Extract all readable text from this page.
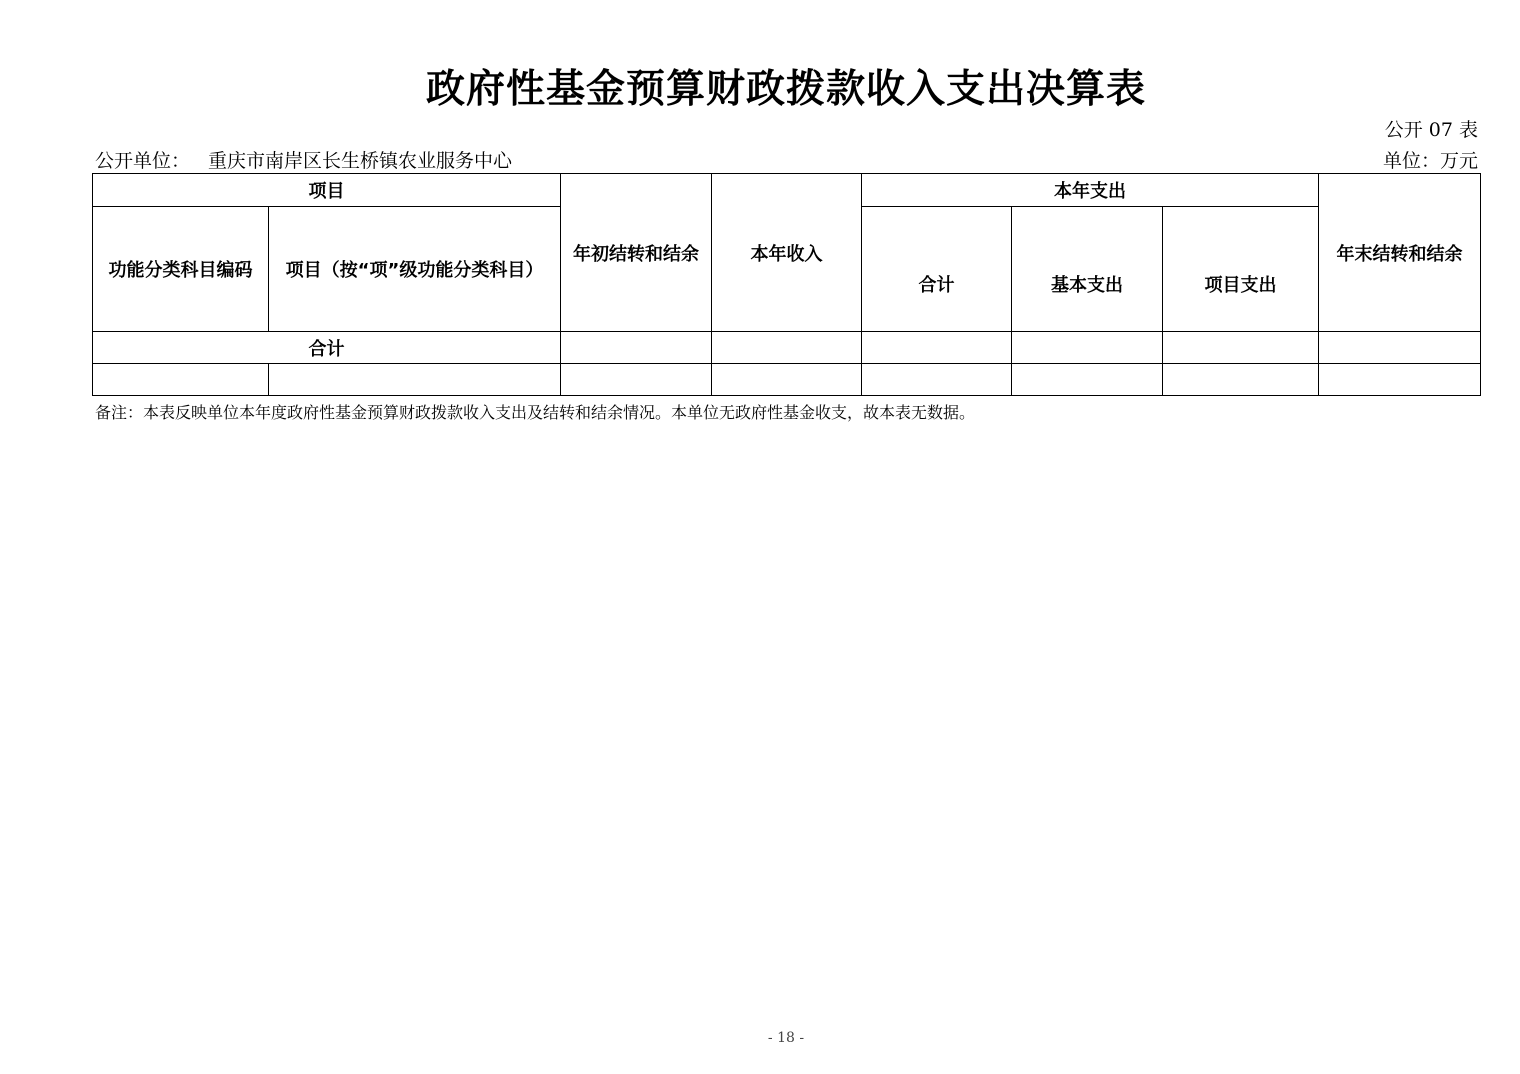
政府性基金预算财政拨款收入支出决算表
公开 07 表
公开单位： 重庆市南岸区长生桥镇农业服务中心	单位：万元
项目		年初结转和结余	本年收入	本年支出			年末结转和结余
功能分类科目编码	项目（按“项”级功能分类科目）			合计	基本支出	项目支出	
合计							

备注：本表反映单位本年度政府性基金预算财政拨款收入支出及结转和结余情况。本单位无政府性基金收支，故本表无数据。
- 18 -
